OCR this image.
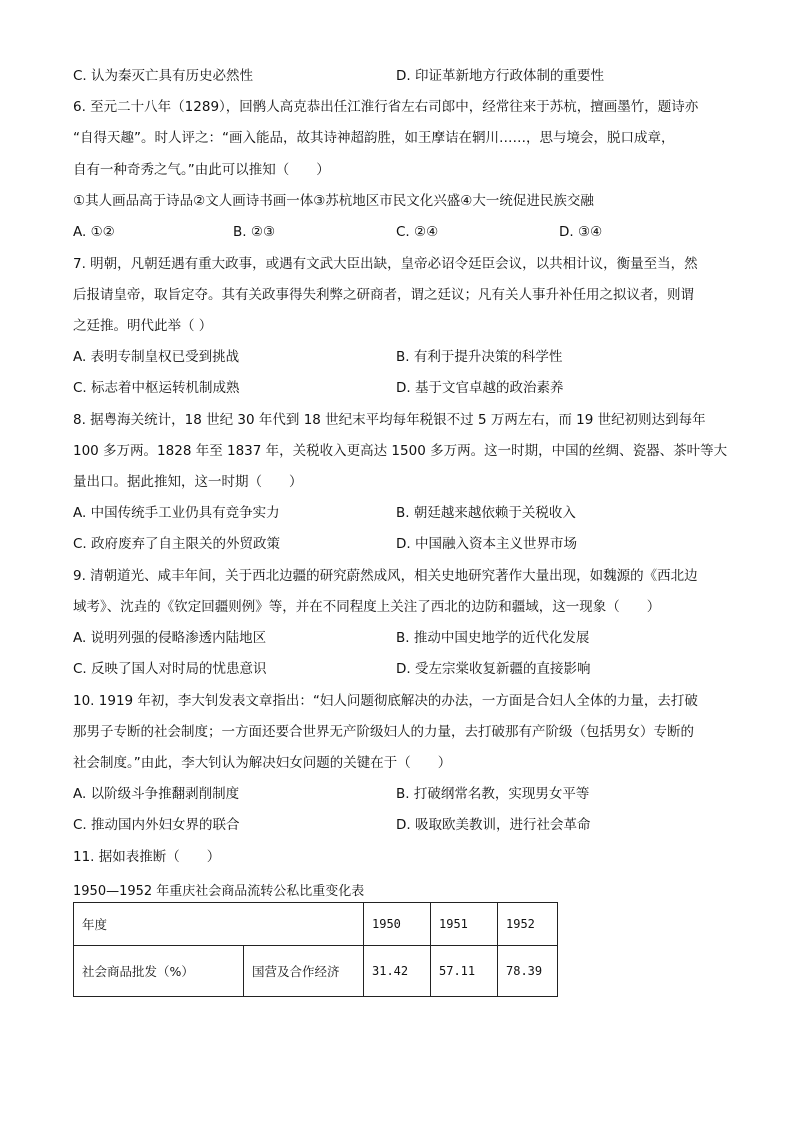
C. 认为秦灭亡具有历史必然性	D. 印证革新地方行政体制的重要性
6. 至元二十八年（1289），回鹘人高克恭出任江淮行省左右司郎中，经常往来于苏杭，擅画墨竹，题诗亦
“自得天趣”。时人评之：“画入能品，故其诗神超韵胜，如王摩诘在辋川……，思与境会，脱口成章，
自有一种奇秀之气。”由此可以推知（　　）
①其人画品高于诗品②文人画诗书画一体③苏杭地区市民文化兴盛④大一统促进民族交融
A. ①②	B. ②③	C. ②④	D. ③④
7. 明朝，凡朝廷遇有重大政事，或遇有文武大臣出缺，皇帝必诏令廷臣会议，以共相计议，衡量至当，然
后报请皇帝，取旨定夺。其有关政事得失利弊之研商者，谓之廷议；凡有关人事升补任用之拟议者，则谓
之廷推。明代此举（ ）
A. 表明专制皇权已受到挑战	B. 有利于提升决策的科学性
C. 标志着中枢运转机制成熟	D. 基于文官卓越的政治素养
8. 据粤海关统计，18 世纪 30 年代到 18 世纪末平均每年税银不过 5 万两左右，而 19 世纪初则达到每年
100 多万两。1828 年至 1837 年，关税收入更高达 1500 多万两。这一时期，中国的丝绸、瓷器、茶叶等大
量出口。据此推知，这一时期（　　）
A. 中国传统手工业仍具有竞争实力	B. 朝廷越来越依赖于关税收入
C. 政府废弃了自主限关的外贸政策	D. 中国融入资本主义世界市场
9. 清朝道光、咸丰年间，关于西北边疆的研究蔚然成风，相关史地研究著作大量出现，如魏源的《西北边
域考》、沈垚的《钦定回疆则例》等，并在不同程度上关注了西北的边防和疆域，这一现象（　　）
A. 说明列强的侵略渗透内陆地区	B. 推动中国史地学的近代化发展
C. 反映了国人对时局的忧患意识	D. 受左宗棠收复新疆的直接影响
10. 1919 年初，李大钊发表文章指出：“妇人问题彻底解决的办法，一方面是合妇人全体的力量，去打破
那男子专断的社会制度；一方面还要合世界无产阶级妇人的力量，去打破那有产阶级（包括男女）专断的
社会制度。”由此，李大钊认为解决妇女问题的关键在于（　　）
A. 以阶级斗争推翻剥削制度	B. 打破纲常名教，实现男女平等
C. 推动国内外妇女界的联合	D. 吸取欧美教训，进行社会革命
11. 据如表推断（　　）
1950—1952 年重庆社会商品流转公私比重变化表
年度		1950	1951	1952
社会商品批发（%）	国营及合作经济	31.42	57.11	78.39
